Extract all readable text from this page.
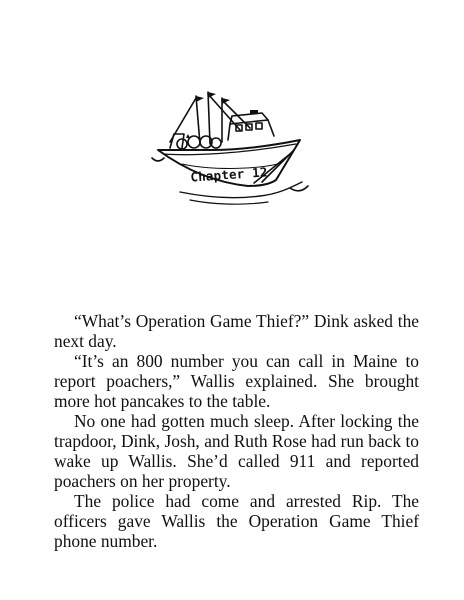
Chapter 12

“What’s Operation Game Thief?” Dink asked the next day.

“It’s an 800 number you can call in Maine to report poachers,” Wallis explained. She brought more hot pancakes to the table.

No one had gotten much sleep. After locking the trapdoor, Dink, Josh, and Ruth Rose had run back to wake up Wallis. She’d called 911 and reported poachers on her property.

The police had come and arrested Rip. The officers gave Wallis the Operation Game Thief phone number.
